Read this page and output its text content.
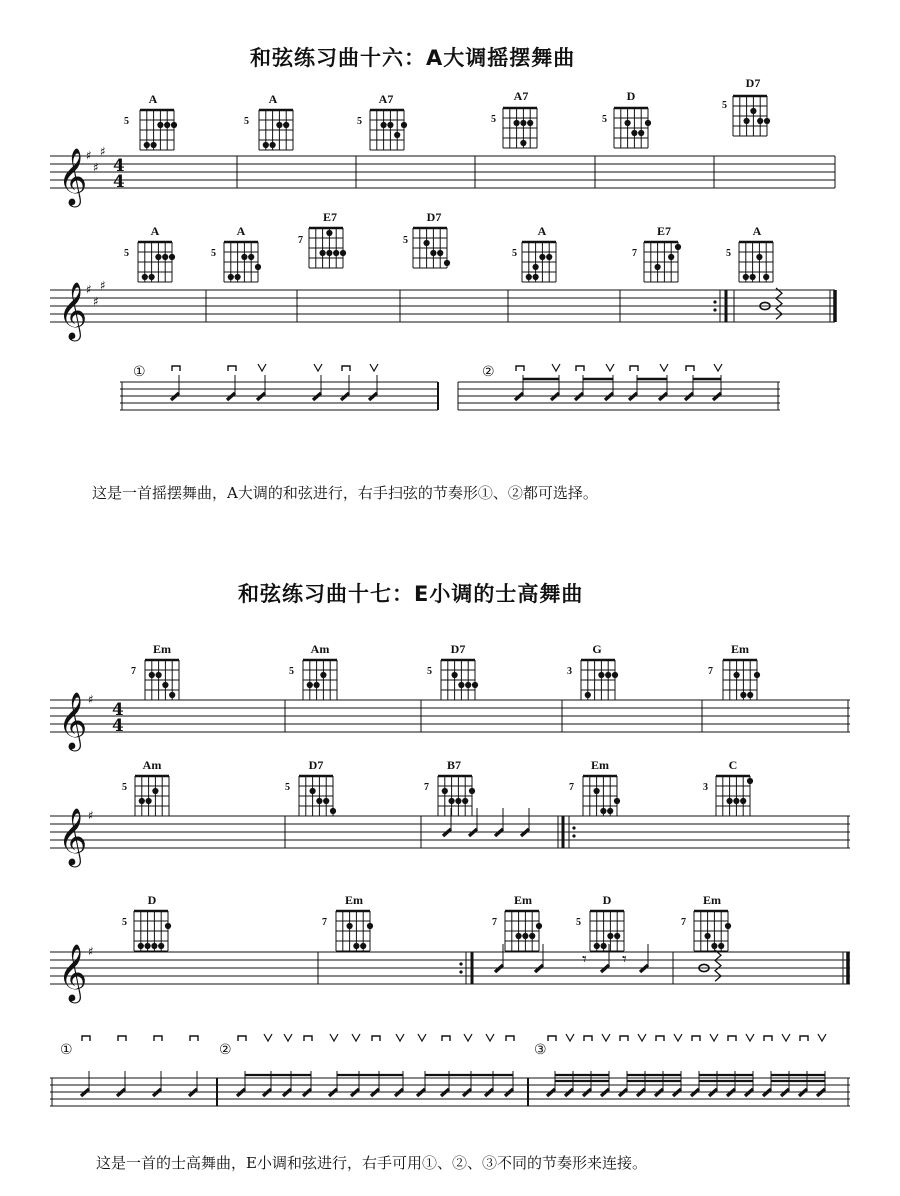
和弦练习曲十六：A大调摇摆舞曲
A
5
A
5
A7
5
A7
5
D
5
D7
5
A
5
A
5
E7
7
D7
5
A
5
E7
7
A
5
①	②
这是一首摇摆舞曲，A大调的和弦进行，右手扫弦的节奏形①、②都可选择。
和弦练习曲十七：E小调的士高舞曲
Em
7
Am
5
D7
5
G
3
Em
7
Am
5
D7
5
B7
7
Em
7
C
3
D
5
Em
7
Em
7
D
5
Em
7
①	②	③
这是一首的士高舞曲，E小调和弦进行，右手可用①、②、③不同的节奏形来连接。
𝄞
♯
♯
♯
4
4
𝄞
♯
♯
♯
𝄞 ♯ 4
4
𝄞 ♯
𝄞 ♯	𝄾 𝄾
